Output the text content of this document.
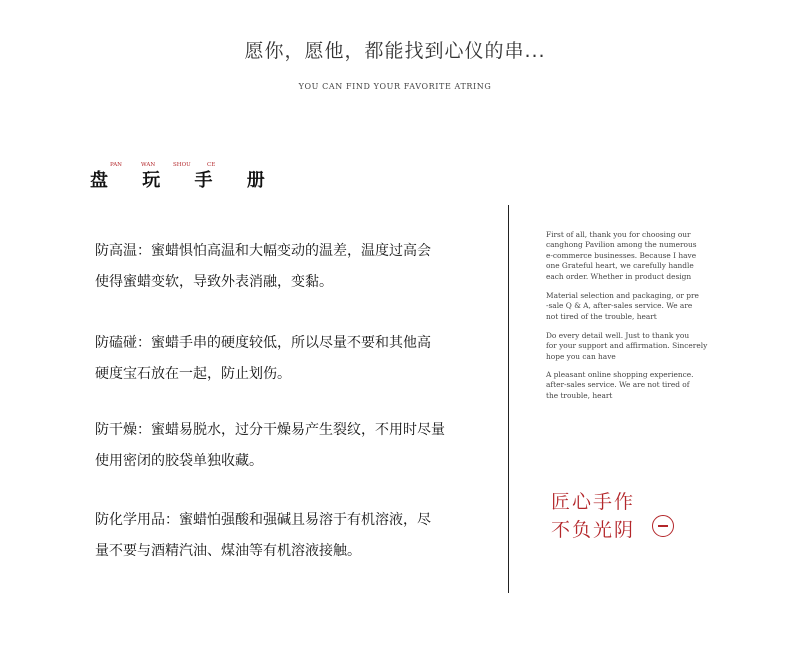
愿你，愿他，都能找到心仪的串...
YOU CAN FIND YOUR FAVORITE ATRING
盘 玩 手 册
PAN	WAN	SHOU	CE
防高温：蜜蜡惧怕高温和大幅变动的温差，温度过高会
使得蜜蜡变软，导致外表消融，变黏。
防磕碰：蜜蜡手串的硬度较低，所以尽量不要和其他高
硬度宝石放在一起，防止划伤。
防干燥：蜜蜡易脱水，过分干燥易产生裂纹，不用时尽量
使用密闭的胶袋单独收藏。
防化学用品：蜜蜡怕强酸和强碱且易溶于有机溶液，尽
量不要与酒精汽油、煤油等有机溶液接触。
First of all, thank you for choosing our
canghong Pavilion among the numerous
e-commerce businesses. Because I have
one Grateful heart, we carefully handle
each order. Whether in product design
Material selection and packaging, or pre
-sale Q & A, after-sales service. We are
not tired of the trouble, heart
Do every detail well. Just to thank you
for your support and affirmation. Sincerely
hope you can have
A pleasant online shopping experience.
after-sales service. We are not tired of
the trouble, heart
匠心手作
不负光阴
